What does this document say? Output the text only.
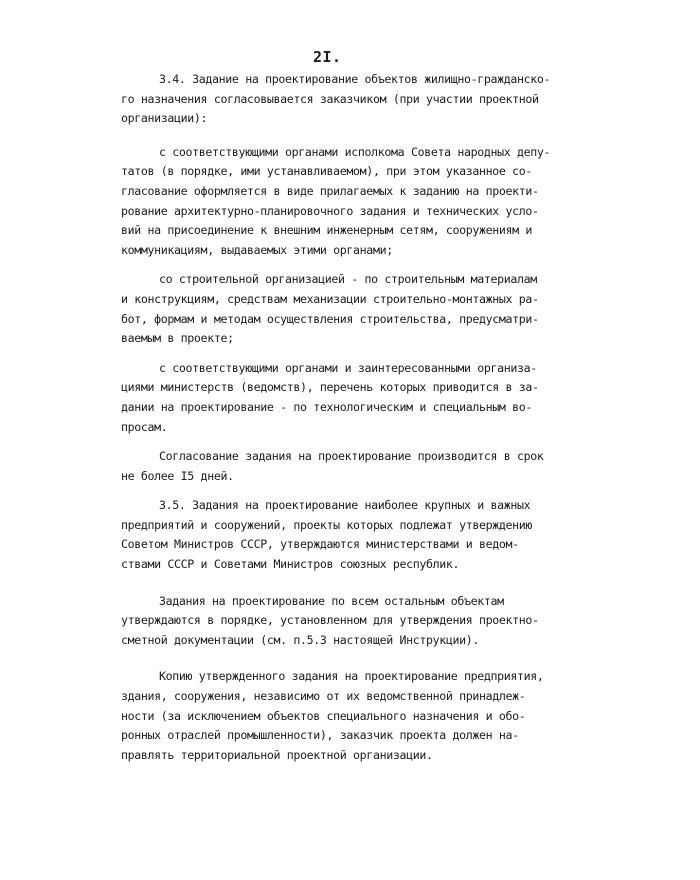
2I.
3.4. Задание на проектирование объектов жилищно-гражданско-
го назначения согласовывается заказчиком (при участии проектной
организации):
с соответствующими органами исполкома Совета народных депу-
татов (в порядке, ими устанавливаемом), при этом указанное со-
гласование оформляется в виде прилагаемых к заданию на проекти-
рование архитектурно-планировочного задания и технических усло-
вий на присоединение к внешним инженерным сетям, сооружениям и
коммуникациям, выдаваемых этими органами;
со строительной организацией - по строительным материалам
и конструкциям, средствам механизации строительно-монтажных ра-
бот, формам и методам осуществления строительства, предусматри-
ваемым в проекте;
с соответствующими органами и заинтересованными организа-
циями министерств (ведомств), перечень которых приводится в за-
дании на проектирование - по технологическим и специальным во-
просам.
Согласование задания на проектирование производится в срок
не более I5 дней.
3.5. Задания на проектирование наиболее крупных и важных
предприятий и сооружений, проекты которых подлежат утверждению
Советом Министров СССР, утверждаются министерствами и ведом-
ствами СССР и Советами Министров союзных республик.
Задания на проектирование по всем остальным объектам
утверждаются в порядке, установленном для утверждения проектно-
сметной документации (см. п.5.3 настоящей Инструкции).
Копию утвержденного задания на проектирование предприятия,
здания, сооружения, независимо от их ведомственной принадлеж-
ности (за исключением объектов специального назначения и обо-
ронных отраслей промышленности), заказчик проекта должен на-
правлять территориальной проектной организации.
